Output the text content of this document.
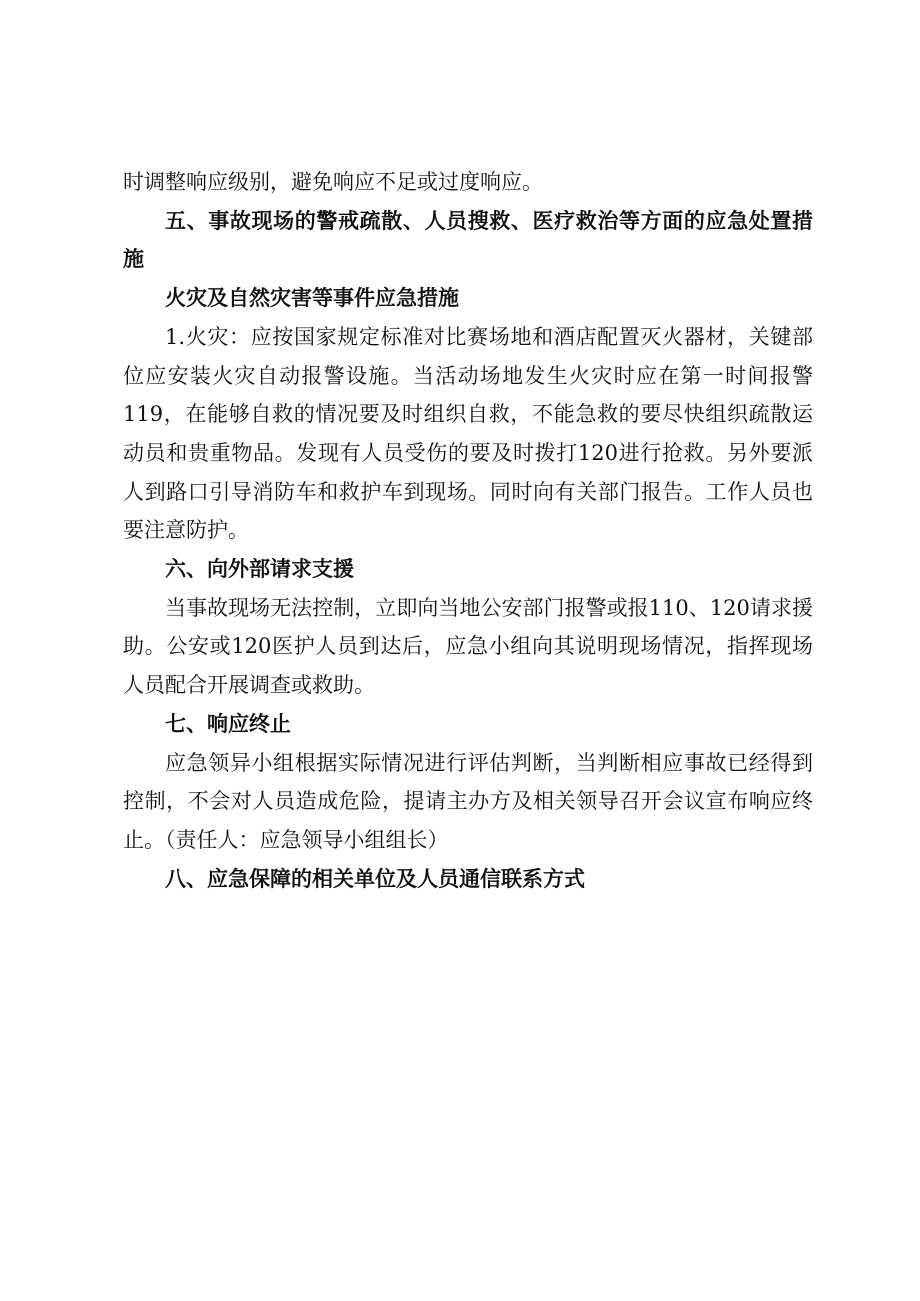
时调整响应级别，避免响应不足或过度响应。

五、事故现场的警戒疏散、人员搜救、医疗救治等方面的应急处置措施

火灾及自然灾害等事件应急措施

1.火灾：应按国家规定标准对比赛场地和酒店配置灭火器材，关键部位应安装火灾自动报警设施。当活动场地发生火灾时应在第一时间报警119，在能够自救的情况要及时组织自救，不能急救的要尽快组织疏散运动员和贵重物品。发现有人员受伤的要及时拨打120进行抢救。另外要派人到路口引导消防车和救护车到现场。同时向有关部门报告。工作人员也要注意防护。

六、向外部请求支援

当事故现场无法控制，立即向当地公安部门报警或报110、120请求援助。公安或120医护人员到达后，应急小组向其说明现场情况，指挥现场人员配合开展调查或救助。

七、响应终止

应急领异小组根据实际情况进行评估判断，当判断相应事故已经得到控制，不会对人员造成危险，提请主办方及相关领导召开会议宣布响应终止。（责任人：应急领导小组组长）

八、应急保障的相关单位及人员通信联系方式
